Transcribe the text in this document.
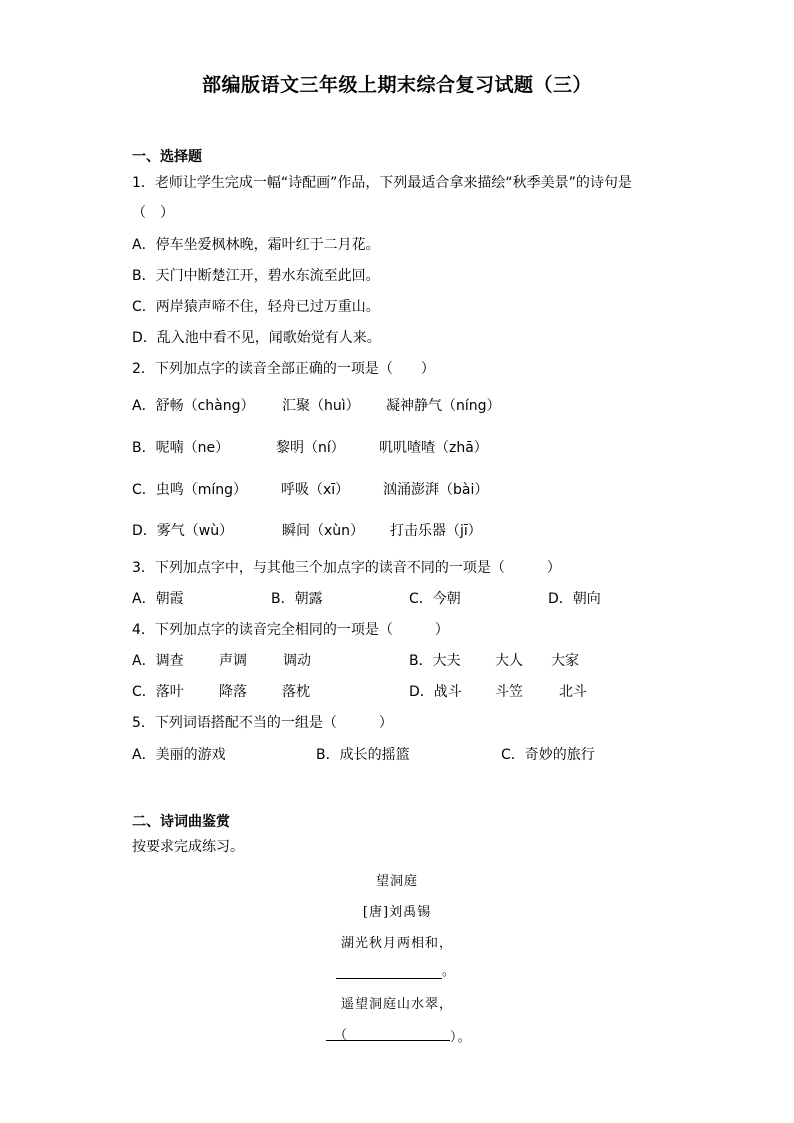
部编版语文三年级上期末综合复习试题（三）
一、选择题
1．老师让学生完成一幅“诗配画”作品，下列最适合拿来描绘“秋季美景”的诗句是
（　）
A．停车坐爱枫林晚，霜叶红于二月花。
B．天门中断楚江开，碧水东流至此回。
C．两岸猿声啼不住，轻舟已过万重山。
D．乱入池中看不见，闻歌始觉有人来。
2．下列加点字的读音全部正确的一项是（　　）
A．舒畅（chàng） 汇聚（huì） 凝神静气（níng）
B．呢喃（ne）	黎明（ní） 叽叽喳喳（zhā）
C．虫鸣（míng） 呼吸（xī） 汹涌澎湃（bài）
D．雾气（wù）	瞬间（xùn） 打击乐器（jī）
3．下列加点字中，与其他三个加点字的读音不同的一项是（　　　）
A．朝霞	B．朝露	C．今朝	D．朝向
4．下列加点字的读音完全相同的一项是（　　　）
A．调查	声调	调动	B．大夫 大人 大家
C．落叶	降落	落枕	D．战斗 斗笠	北斗
5．下列词语搭配不当的一组是（　　　）
A．美丽的游戏	B．成长的摇篮	C．奇妙的旅行
二、诗词曲鉴赏
按要求完成练习。
望洞庭
[唐]刘禹锡
湖光秋月两相和，
。
遥望洞庭山水翠，
（	）。
